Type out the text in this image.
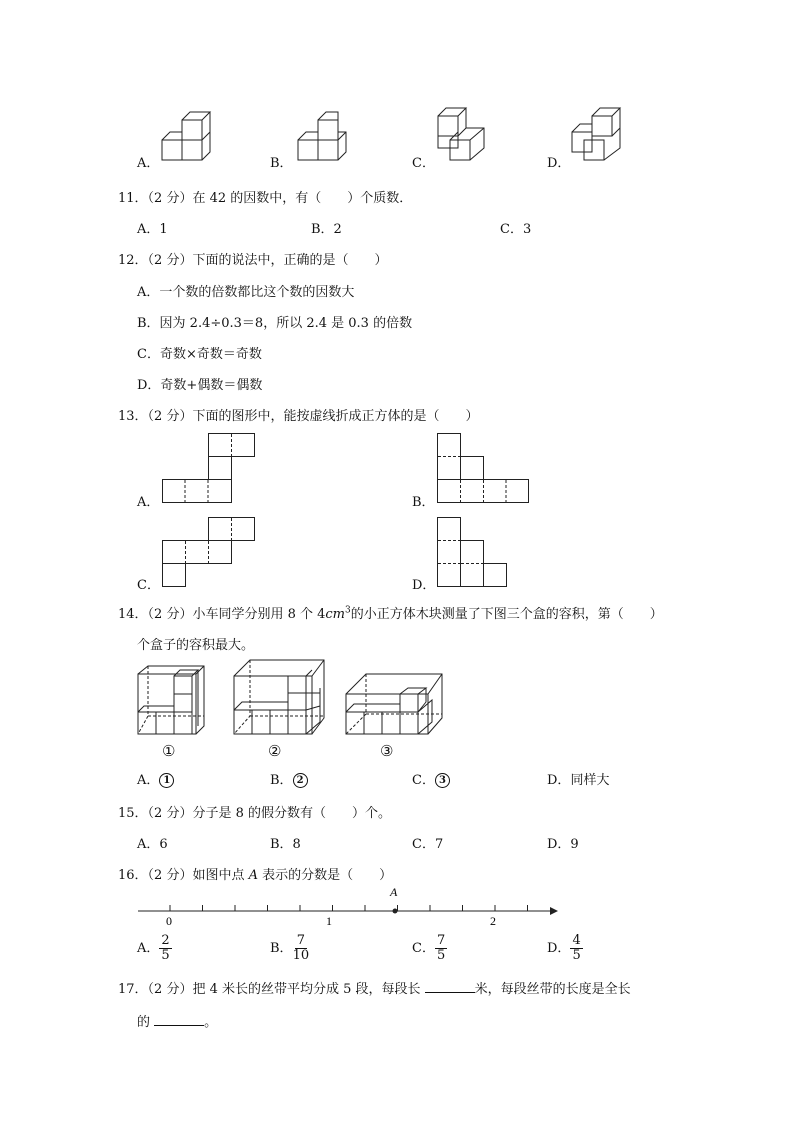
A．	B．	C．	D．
11．（2 分）在 42 的因数中，有（　　）个质数．
A．1	B．2	C．3
12．（2 分）下面的说法中，正确的是（　　）
A．一个数的倍数都比这个数的因数大
B．因为 2.4÷0.3＝8，所以 2.4 是 0.3 的倍数
C．奇数×奇数＝奇数
D．奇数+偶数＝偶数
13．（2 分）下面的图形中，能按虚线折成正方体的是（　　）
A．	B．
C．	D．
14．（2 分）小车同学分别用 8 个 $4cm^3$的小正方体木块测量了下图三个盒的容积，第（　　）
个盒子的容积最大。
①	②	③
A． 1	B． 2	C． 3	D．同样大
15．（2 分）分子是 8 的假分数有（　　）个。
A．6	B．8	C．7	D．9
16．（2 分）如图中点 A 表示的分数是（　　）
A
0	1	2
A． $\frac{2}{5}$	B． $\frac{7}{10}$	C． $\frac{7}{5}$	D． $\frac{4}{5}$
17．（2 分）把 4 米长的丝带平均分成 5 段，每段长	米，每段丝带的长度是全长
的	。
